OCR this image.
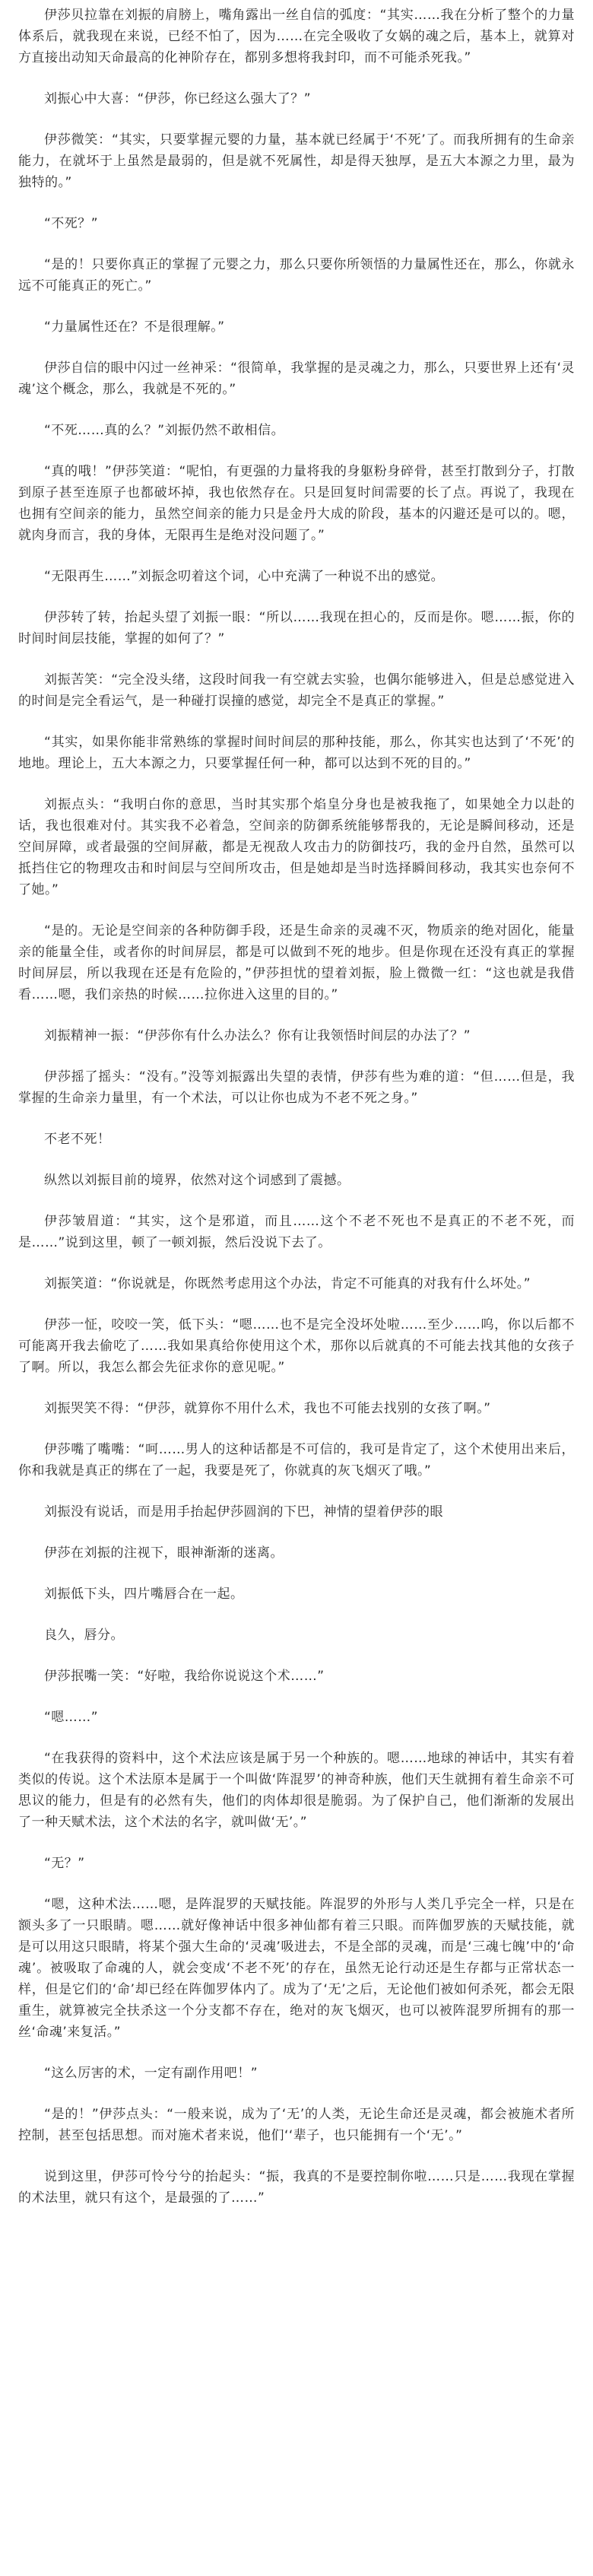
伊莎贝拉靠在刘振的肩膀上，嘴角露出一丝自信的弧度：“其实……我在分析了整个的力量体系后，就我现在来说，已经不怕了，因为……在完全吸收了女娲的魂之后，基本上，就算对方直接出动知天命最高的化神阶存在，都别多想将我封印，而不可能杀死我。”

刘振心中大喜：“伊莎，你已经这么强大了？”

伊莎微笑：“其实，只要掌握元婴的力量，基本就已经属于‘不死’了。而我所拥有的生命亲能力，在就坏于上虽然是最弱的，但是就不死属性，却是得天独厚，是五大本源之力里，最为独特的。”

“不死？”

“是的！只要你真正的掌握了元婴之力，那么只要你所领悟的力量属性还在，那么，你就永远不可能真正的死亡。”

“力量属性还在？不是很理解。”

伊莎自信的眼中闪过一丝神采：“很简单，我掌握的是灵魂之力，那么，只要世界上还有‘灵魂’这个概念，那么，我就是不死的。”

“不死……真的么？”刘振仍然不敢相信。

“真的哦！”伊莎笑道：“呢怕，有更强的力量将我的身躯粉身碎骨，甚至打散到分子，打散到原子甚至连原子也都破坏掉，我也依然存在。只是回复时间需要的长了点。再说了，我现在也拥有空间亲的能力，虽然空间亲的能力只是金丹大成的阶段，基本的闪避还是可以的。嗯，就肉身而言，我的身体，无限再生是绝对没问题了。”

“无限再生……”刘振念叨着这个词，心中充满了一种说不出的感觉。

伊莎转了转，抬起头望了刘振一眼：“所以……我现在担心的，反而是你。嗯……振，你的时间时间层技能，掌握的如何了？”

刘振苦笑：“完全没头绪，这段时间我一有空就去实验，也偶尔能够进入，但是总感觉进入的时间是完全看运气，是一种碰打误撞的感觉，却完全不是真正的掌握。”

“其实，如果你能非常熟练的掌握时间时间层的那种技能，那么，你其实也达到了‘不死’的地地。理论上，五大本源之力，只要掌握任何一种，都可以达到不死的目的。”

刘振点头：“我明白你的意思，当时其实那个焰皇分身也是被我拖了，如果她全力以赴的话，我也很难对付。其实我不必着急，空间亲的防御系统能够帮我的，无论是瞬间移动，还是空间屏障，或者最强的空间屏蔽，都是无视敌人攻击力的防御技巧，我的金丹自然，虽然可以抵挡住它的物理攻击和时间层与空间所攻击，但是她却是当时选择瞬间移动，我其实也奈何不了她。”

“是的。无论是空间亲的各种防御手段，还是生命亲的灵魂不灭，物质亲的绝对固化，能量亲的能量全佳，或者你的时间屏层，都是可以做到不死的地步。但是你现在还没有真正的掌握时间屏层，所以我现在还是有危险的，”伊莎担忧的望着刘振，脸上微微一红：“这也就是我借看……嗯，我们亲热的时候……拉你进入这里的目的。”

刘振精神一振：“伊莎你有什么办法么？你有让我领悟时间层的办法了？”

伊莎摇了摇头：“没有。”没等刘振露出失望的表情，伊莎有些为难的道：“但……但是，我掌握的生命亲力量里，有一个术法，可以让你也成为不老不死之身。”

不老不死！

纵然以刘振目前的境界，依然对这个词感到了震撼。

伊莎皱眉道：“其实，这个是邪道，而且……这个不老不死也不是真正的不老不死，而是……”说到这里，顿了一顿刘振，然后没说下去了。

刘振笑道：“你说就是，你既然考虑用这个办法，肯定不可能真的对我有什么坏处。”

伊莎一怔，咬咬一笑，低下头：“嗯……也不是完全没坏处啦……至少……呜，你以后都不可能离开我去偷吃了……我如果真给你使用这个术，那你以后就真的不可能去找其他的女孩子了啊。所以，我怎么都会先征求你的意见呢。”

刘振哭笑不得：“伊莎，就算你不用什么术，我也不可能去找别的女孩了啊。”

伊莎嘴了嘴嘴：“呵……男人的这种话都是不可信的，我可是肯定了，这个术使用出来后，你和我就是真正的绑在了一起，我要是死了，你就真的灰飞烟灭了哦。”

刘振没有说话，而是用手抬起伊莎圆润的下巴，神情的望着伊莎的眼

伊莎在刘振的注视下，眼神渐渐的迷离。

刘振低下头，四片嘴唇合在一起。

良久，唇分。

伊莎抿嘴一笑：“好啦，我给你说说这个术……”

“嗯……”

“在我获得的资料中，这个术法应该是属于另一个种族的。嗯……地球的神话中，其实有着类似的传说。这个术法原本是属于一个叫做‘阵混罗’的神奇种族，他们天生就拥有着生命亲不可思议的能力，但是有的必然有失，他们的肉体却很是脆弱。为了保护自己，他们渐渐的发展出了一种天赋术法，这个术法的名字，就叫做‘无’。”

“无？”

“嗯，这种术法……嗯，是阵混罗的天赋技能。阵混罗的外形与人类几乎完全一样，只是在额头多了一只眼睛。嗯……就好像神话中很多神仙都有着三只眼。而阵伽罗族的天赋技能，就是可以用这只眼睛，将某个强大生命的‘灵魂’吸进去，不是全部的灵魂，而是‘三魂七魄’中的‘命魂’。被吸取了命魂的人，就会变成‘不老不死’的存在，虽然无论行动还是生存都与正常状态一样，但是它们的‘命’却已经在阵伽罗体内了。成为了‘无’之后，无论他们被如何杀死，都会无限重生，就算被完全扶杀这一个分支都不存在，绝对的灰飞烟灭，也可以被阵混罗所拥有的那一丝‘命魂’来复活。”

“这么厉害的术，一定有副作用吧！”

“是的！”伊莎点头：“一般来说，成为了‘无’的人类，无论生命还是灵魂，都会被施术者所控制，甚至包括思想。而对施术者来说，他们‘‘辈子，也只能拥有一个‘无’。”

说到这里，伊莎可怜兮兮的抬起头：“振，我真的不是要控制你啦……只是……我现在掌握的术法里，就只有这个，是最强的了……”
